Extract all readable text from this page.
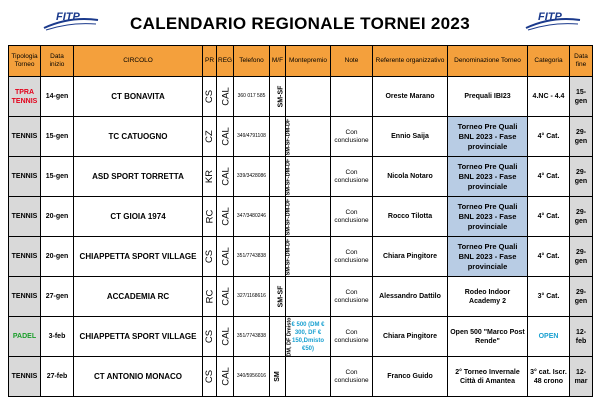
FITP	FITP
CALENDARIO REGIONALE TORNEI 2023
Tipologia Torneo	Data inizio	CIRCOLO	PR	REG	Telefono	M/F	Montepremio	Note	Referente organizzativo	Denominazione Torneo	Categoria	Data fine
TPRA TENNIS	14-gen	CT BONAVITA	CS	CAL	360 017 585	SM-SF			Oreste Marano	Prequali IBI23	4.NC - 4.4	15-gen
TENNIS	15-gen	TC CATUOGNO	CZ	CAL	349/4791108	SM-SF-DM-DF		Con conclusione	Ennio Saija	Torneo Pre Quali BNL 2023 - Fase provinciale	4° Cat.	29-gen
TENNIS	15-gen	ASD SPORT TORRETTA	KR	CAL	339/3428086	SM-SF-DM-DF		Con conclusione	Nicola Notaro	Torneo Pre Quali BNL 2023 - Fase provinciale	4° Cat.	29-gen
TENNIS	20-gen	CT GIOIA 1974	RC	CAL	347/3480246	SM-SF-DM-DF		Con conclusione	Rocco Tilotta	Torneo Pre Quali BNL 2023 - Fase provinciale	4° Cat.	29-gen
TENNIS	20-gen	CHIAPPETTA SPORT VILLAGE	CS	CAL	351/7743838	SM-SF-DM-DF		Con conclusione	Chiara Pingitore	Torneo Pre Quali BNL 2023 - Fase provinciale	4° Cat.	29-gen
TENNIS	27-gen	ACCADEMIA RC	RC	CAL	327/1168616	SM-SF		Con conclusione	Alessandro Dattilo	Rodeo Indoor Academy 2	3° Cat.	29-gen
PADEL	3-feb	CHIAPPETTA SPORT VILLAGE	CS	CAL	351/7743838	DM, DF Dmisto	€ 500 (DM € 300, DF € 150,Dmisto €50)	Con conclusione	Chiara Pingitore	Open 500 "Marco Post Rende"	OPEN	12-feb
TENNIS	27-feb	CT ANTONIO MONACO	CS	CAL	340/5956016	SM		Con conclusione	Franco Guido	2° Torneo Invernale Città di Amantea	3° cat. Iscr. 48 crono	12-mar
